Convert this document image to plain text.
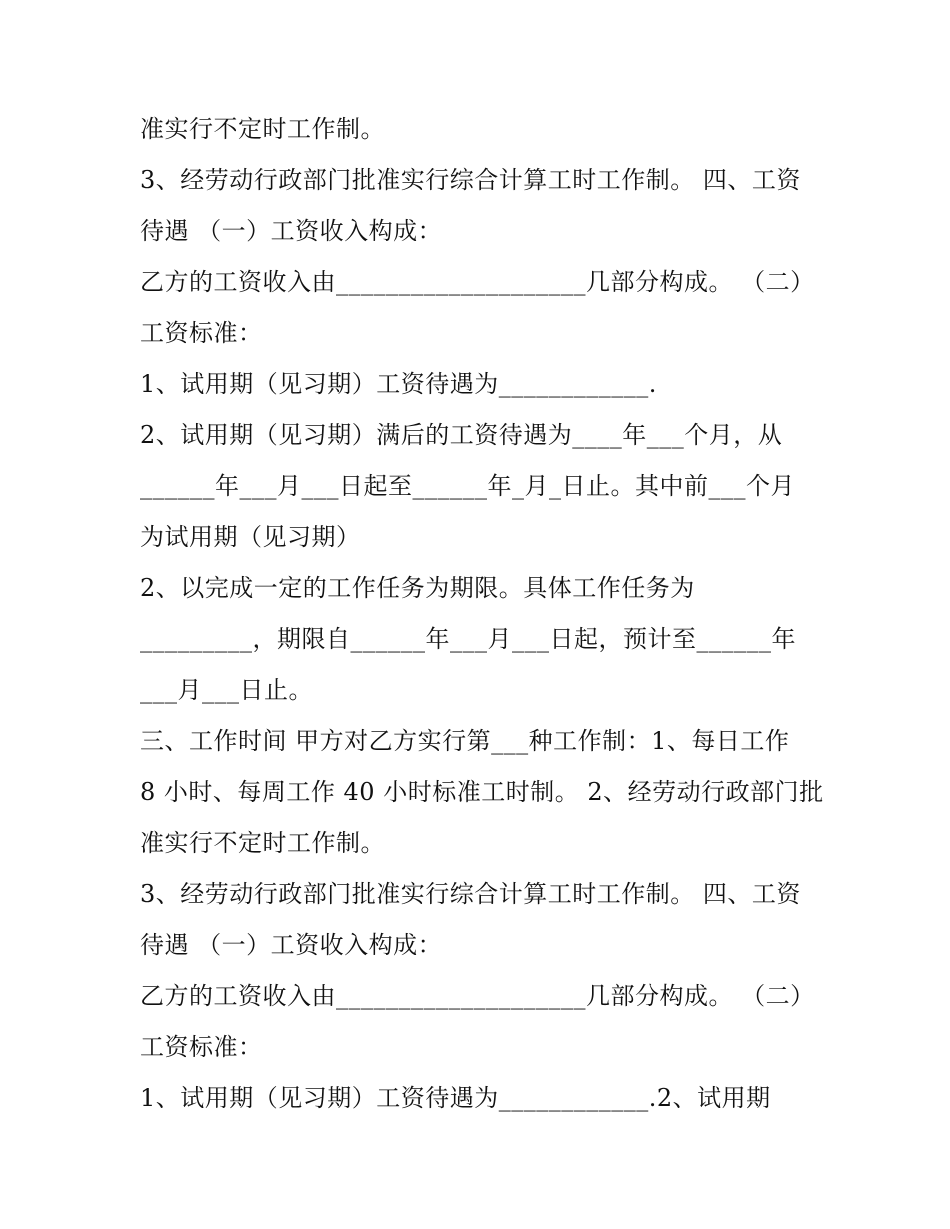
准实行不定时工作制。
3、经劳动行政部门批准实行综合计算工时工作制。 四、工资
待遇 （一）工资收入构成：
乙方的工资收入由____________________几部分构成。 （二）
工资标准：
1、试用期（见习期）工资待遇为____________.
2、试用期（见习期）满后的工资待遇为____年___个月，从
______年___月___日起至______年_月_日止。其中前___个月
为试用期（见习期）
2、以完成一定的工作任务为期限。具体工作任务为
_________，期限自______年___月___日起，预计至______年
___月___日止。
三、工作时间 甲方对乙方实行第___种工作制：1、每日工作
8 小时、每周工作 40 小时标准工时制。 2、经劳动行政部门批
准实行不定时工作制。
3、经劳动行政部门批准实行综合计算工时工作制。 四、工资
待遇 （一）工资收入构成：
乙方的工资收入由____________________几部分构成。 （二）
工资标准：
1、试用期（见习期）工资待遇为____________.2、试用期
